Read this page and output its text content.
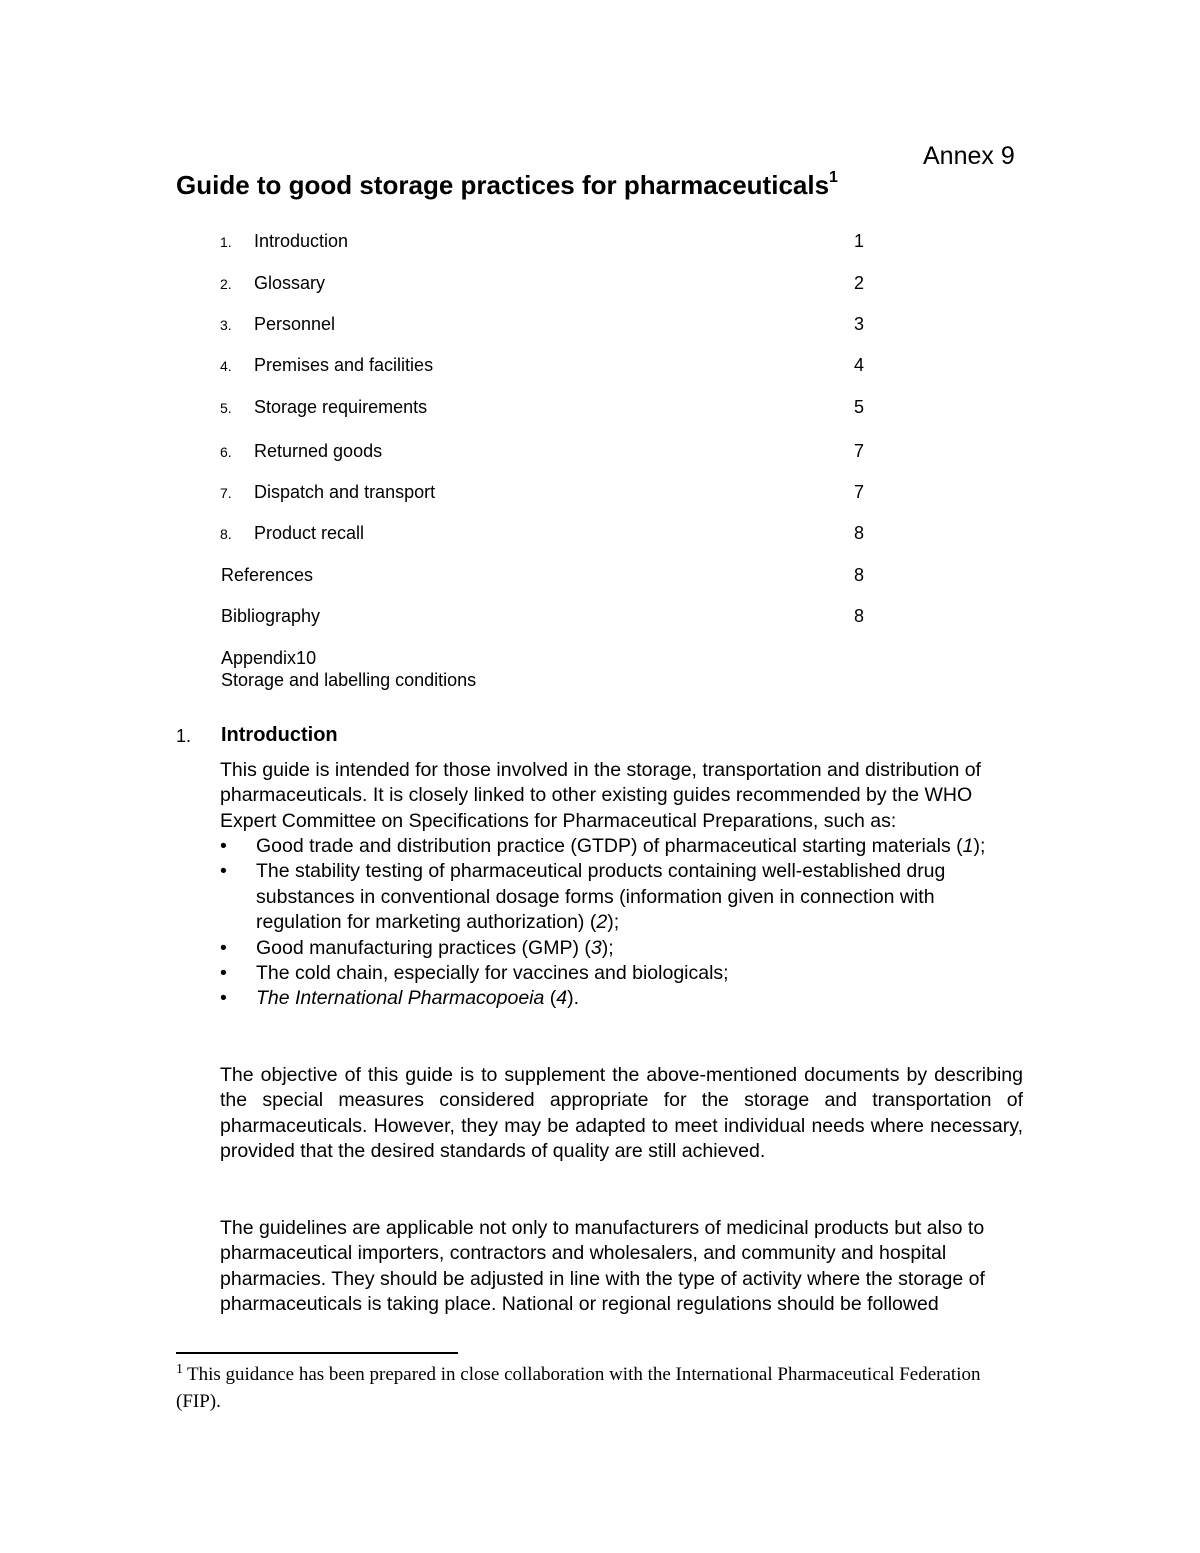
Annex 9
Guide to good storage practices for pharmaceuticals$^1$
1. Introduction	1
2. Glossary	2
3. Personnel	3
4. Premises and facilities	4
5. Storage requirements	5
6. Returned goods	7
7. Dispatch and transport	7
8. Product recall	8
References	8
Bibliography	8
Appendix10
Storage and labelling conditions
1. Introduction
This guide is intended for those involved in the storage, transportation and distribution of pharmaceuticals. It is closely linked to other existing guides recommended by the WHO Expert Committee on Specifications for Pharmaceutical Preparations, such as:
• Good trade and distribution practice (GTDP) of pharmaceutical starting materials (1);
• The stability testing of pharmaceutical products containing well-established drug substances in conventional dosage forms (information given in connection with regulation for marketing authorization) (2);
• Good manufacturing practices (GMP) (3);
• The cold chain, especially for vaccines and biologicals;
• The International Pharmacopoeia (4).
The objective of this guide is to supplement the above-mentioned documents by describing the special measures considered appropriate for the storage and transportation of pharmaceuticals. However, they may be adapted to meet individual needs where necessary, provided that the desired standards of quality are still achieved.
The guidelines are applicable not only to manufacturers of medicinal products but also to pharmaceutical importers, contractors and wholesalers, and community and hospital pharmacies. They should be adjusted in line with the type of activity where the storage of pharmaceuticals is taking place. National or regional regulations should be followed
$^1$ This guidance has been prepared in close collaboration with the International Pharmaceutical Federation (FIP).
